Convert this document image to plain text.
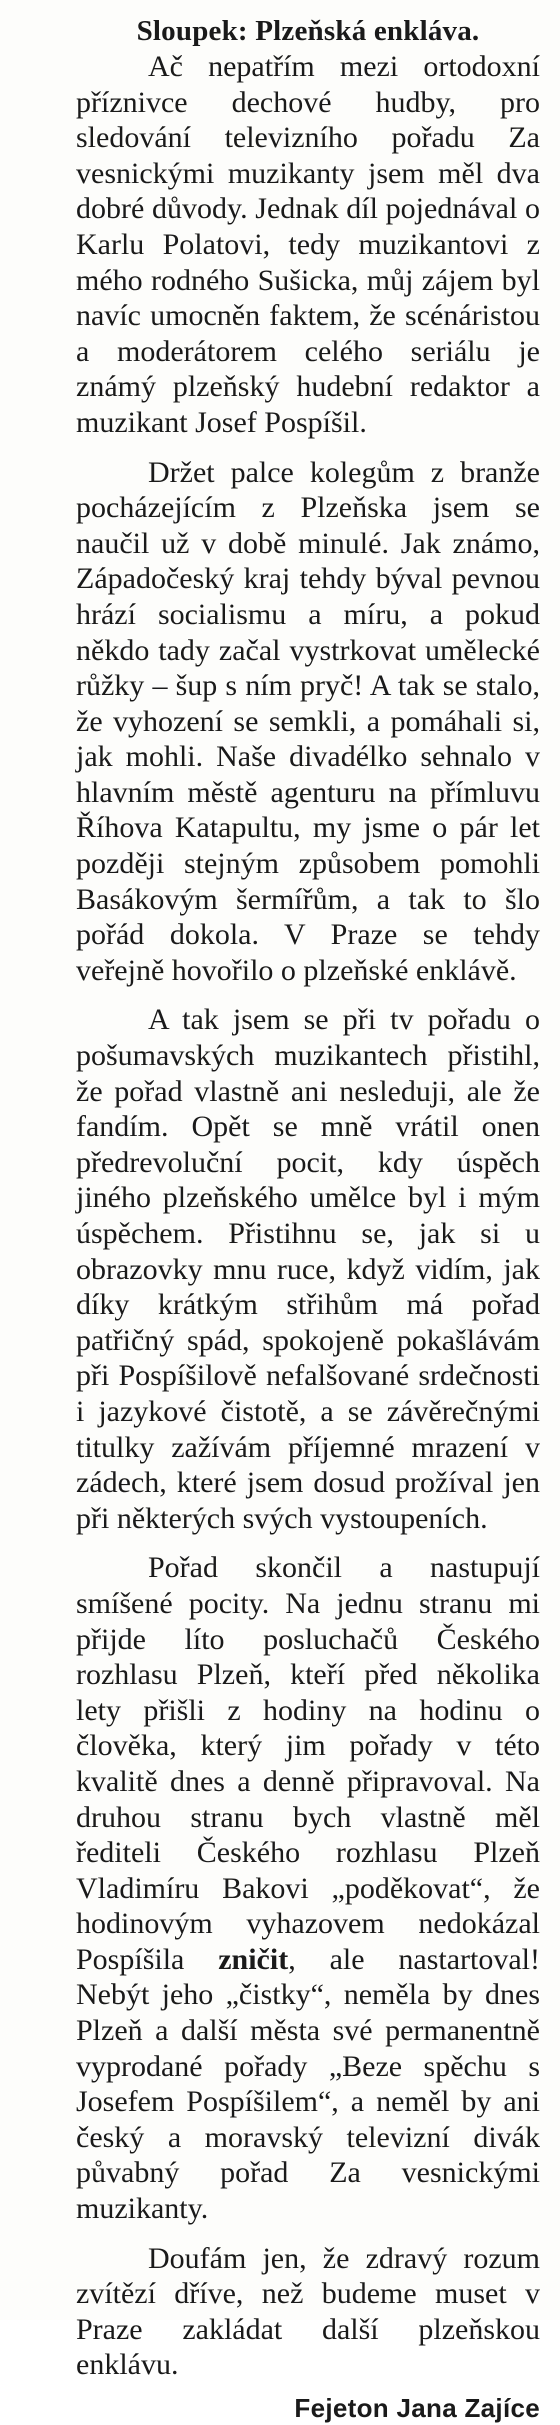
Sloupek: Plzeňská enkláva.

Ač nepatřím mezi ortodoxní příznivce dechové hudby, pro sledování televizního pořadu Za vesnickými muzikanty jsem měl dva dobré důvody. Jednak díl pojednával o Karlu Polatovi, tedy muzikantovi z mého rodného Sušicka, můj zájem byl navíc umocněn faktem, že scénáristou a moderátorem celého seriálu je známý plzeňský hudební redaktor a muzikant Josef Pospíšil.

Držet palce kolegům z branže pocházejícím z Plzeňska jsem se naučil už v době minulé. Jak známo, Západočeský kraj tehdy býval pevnou hrází socialismu a míru, a pokud někdo tady začal vystrkovat umělecké růžky – šup s ním pryč! A tak se stalo, že vyhození se semkli, a pomáhali si, jak mohli. Naše divadélko sehnalo v hlavním městě agenturu na přímluvu Říhova Katapultu, my jsme o pár let později stejným způsobem pomohli Basákovým šermířům, a tak to šlo pořád dokola. V Praze se tehdy veřejně hovořilo o plzeňské enklávě.

A tak jsem se při tv pořadu o pošumavských muzikantech přistihl, že pořad vlastně ani nesleduji, ale že fandím. Opět se mně vrátil onen předrevoluční pocit, kdy úspěch jiného plzeňského umělce byl i mým úspěchem. Přistihnu se, jak si u obrazovky mnu ruce, když vidím, jak díky krátkým střihům má pořad patřičný spád, spokojeně pokašlávám při Pospíšilově nefalšované srdečnosti i jazykové čistotě, a se závěrečnými titulky zažívám příjemné mrazení v zádech, které jsem dosud prožíval jen při některých svých vystoupeních.

Pořad skončil a nastupují smíšené pocity. Na jednu stranu mi přijde líto posluchačů Českého rozhlasu Plzeň, kteří před několika lety přišli z hodiny na hodinu o člověka, který jim pořady v této kvalitě dnes a denně připravoval. Na druhou stranu bych vlastně měl řediteli Českého rozhlasu Plzeň Vladimíru Bakovi „poděkovat“, že hodinovým vyhazovem nedokázal Pospíšila zničit, ale nastartoval! Nebýt jeho „čistky“, neměla by dnes Plzeň a další města své permanentně vyprodané pořady „Beze spěchu s Josefem Pospíšilem“, a neměl by ani český a moravský televizní divák půvabný pořad Za vesnickými muzikanty.

Doufám jen, že zdravý rozum zvítězí dříve, než budeme muset v Praze zakládat další plzeňskou enklávu.

Fejeton Jana Zajíce
